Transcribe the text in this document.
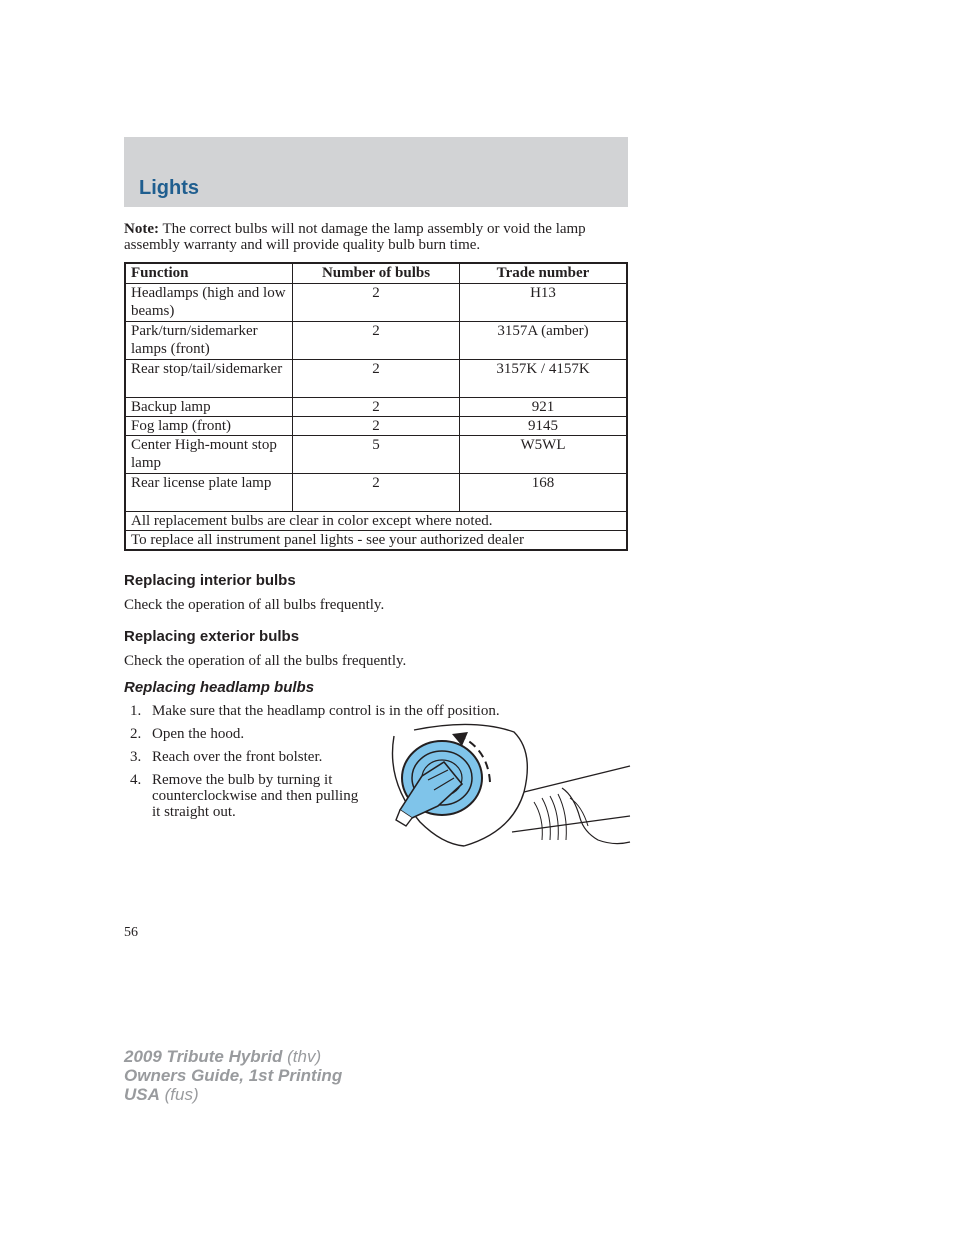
Lights

Note: The correct bulbs will not damage the lamp assembly or void the lamp assembly warranty and will provide quality bulb burn time.

Function	Number of bulbs	Trade number
Headlamps (high and low beams)	2	H13
Park/turn/sidemarker lamps (front)	2	3157A (amber)
Rear stop/tail/sidemarker	2	3157K / 4157K
Backup lamp	2	921
Fog lamp (front)	2	9145
Center High-mount stop lamp	5	W5WL
Rear license plate lamp	2	168
All replacement bulbs are clear in color except where noted.		
To replace all instrument panel lights - see your authorized dealer		
Replacing interior bulbs

Check the operation of all bulbs frequently.

Replacing exterior bulbs

Check the operation of all the bulbs frequently.

Replacing headlamp bulbs
1. Make sure that the headlamp control is in the off position.
2. Open the hood.
3. Reach over the front bolster.
4. Remove the bulb by turning it counterclockwise and then pulling it straight out.

56

2009 Tribute Hybrid (thv)
Owners Guide, 1st Printing
USA (fus)
